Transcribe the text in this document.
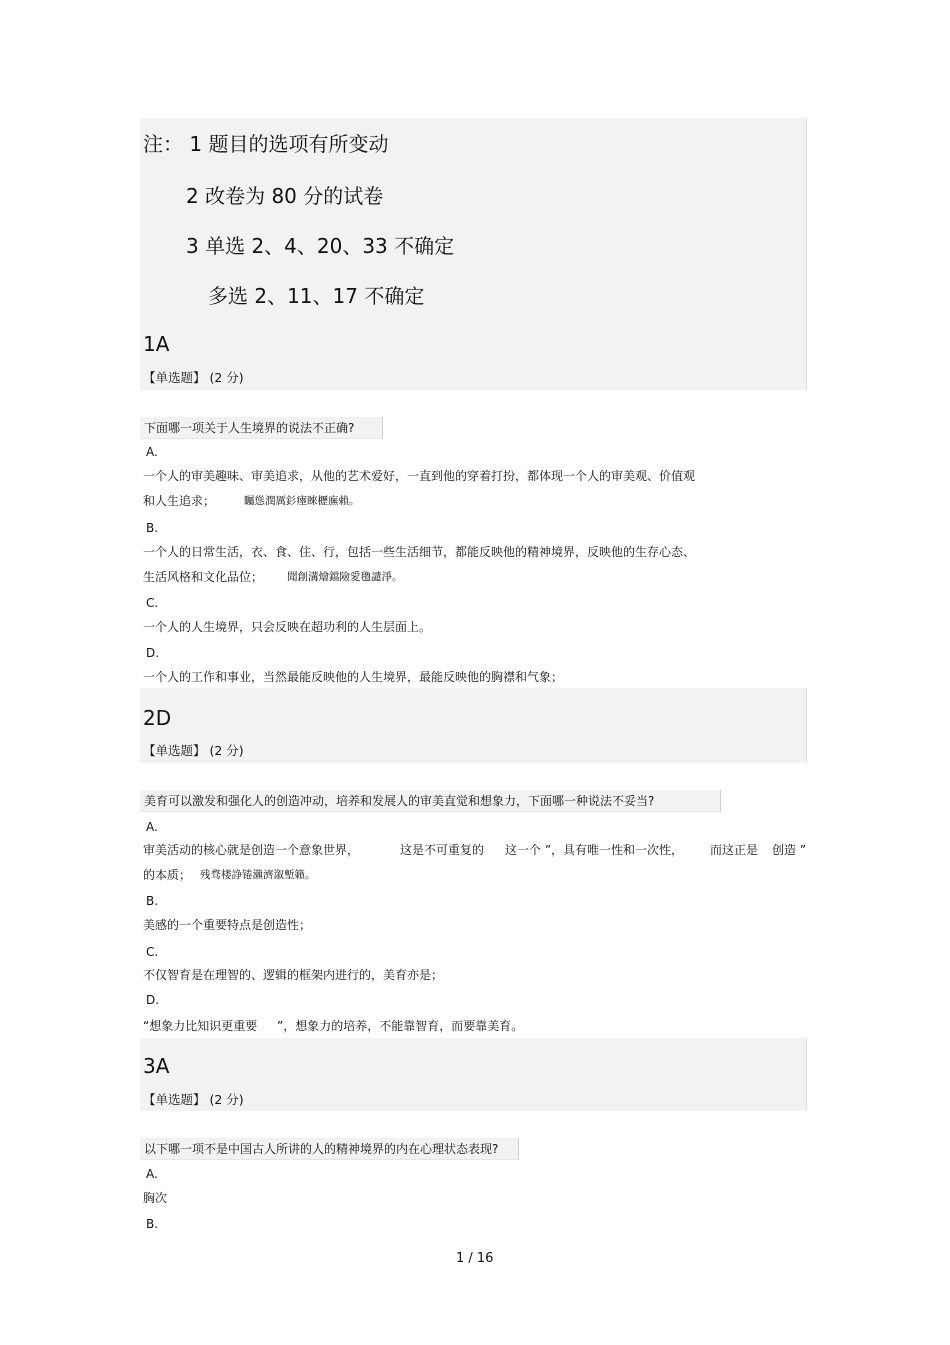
注： 1 题目的选项有所变动
2 改卷为 80 分的试卷
3 单选 2、4、20、33 不确定
多选 2、11、17 不确定
1A
【单选题】 (2 分)
下面哪一项关于人生境界的说法不正确?
A.
一个人的审美趣味、审美追求，从他的艺术爱好，一直到他的穿着打扮，都体现一个人的审美观、价值观
和人生追求；	矚慫潤厲釤瘞睞櫪廡賴。
B.
一个人的日常生活，衣、食、住、行，包括一些生活细节，都能反映他的精神境界，反映他的生存心态、
生活风格和文化品位； 聞創溝燴鐺險愛氌譴淨。
C.
一个人的人生境界，只会反映在超功利的人生层面上。
D.
一个人的工作和事业，当然最能反映他的人生境界，最能反映他的胸襟和气象；
2D
【单选题】 (2 分)
美育可以激发和强化人的创造冲动，培养和发展人的审美直觉和想象力，下面哪一种说法不妥当?
A.
审美活动的核心就是创造一个意象世界，	这是不可重复的 这一个 ”，具有唯一性和一次性， 而这正是 创造 ”
的本质； 残骛楼諍锩瀨濟溆塹籟。
B.
美感的一个重要特点是创造性；
C.
不仅智育是在理智的、逻辑的框架内进行的，美育亦是；
D.
“想象力比知识更重要 ”，想象力的培养，不能靠智育，而要靠美育。
3A
【单选题】 (2 分)
以下哪一项不是中国古人所讲的人的精神境界的内在心理状态表现?
A.
胸次
B.
1 / 16
